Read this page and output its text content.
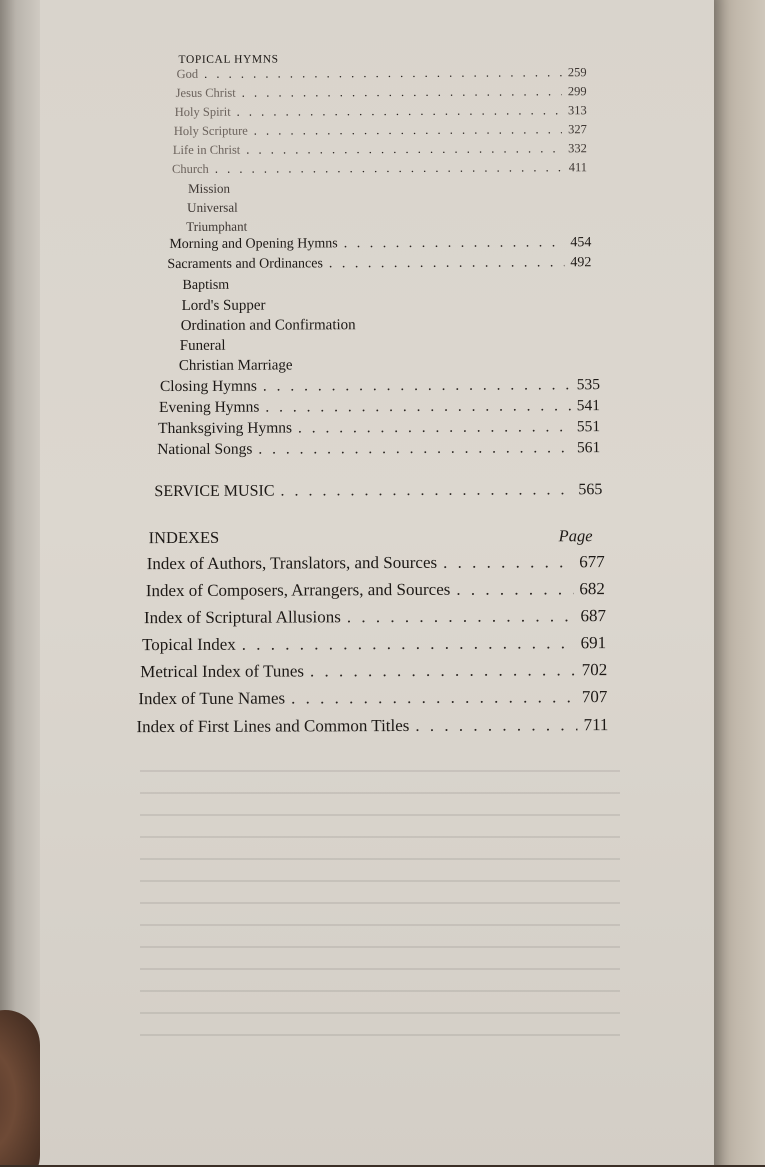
TOPICAL HYMNS
God . . .	259
Jesus Christ . . .	299
Holy Spirit . . .	313
Holy Scripture . . .	327
Life in Christ . . .	332
Church . . .	411
Mission
Universal
Triumphant
Morning and Opening Hymns . . .	454
Sacraments and Ordinances . . .	492
Baptism
Lord's Supper
Ordination and Confirmation
Funeral
Christian Marriage
Closing Hymns . . .	535
Evening Hymns . . .	541
Thanksgiving Hymns . . .	551
National Songs . . .	561
SERVICE MUSIC . . .	565
INDEXES	Page
Index of Authors, Translators, and Sources . . .	677
Index of Composers, Arrangers, and Sources . . .	682
Index of Scriptural Allusions . . .	687
Topical Index . . .	691
Metrical Index of Tunes . . .	702
Index of Tune Names . . .	707
Index of First Lines and Common Titles . . .	711
